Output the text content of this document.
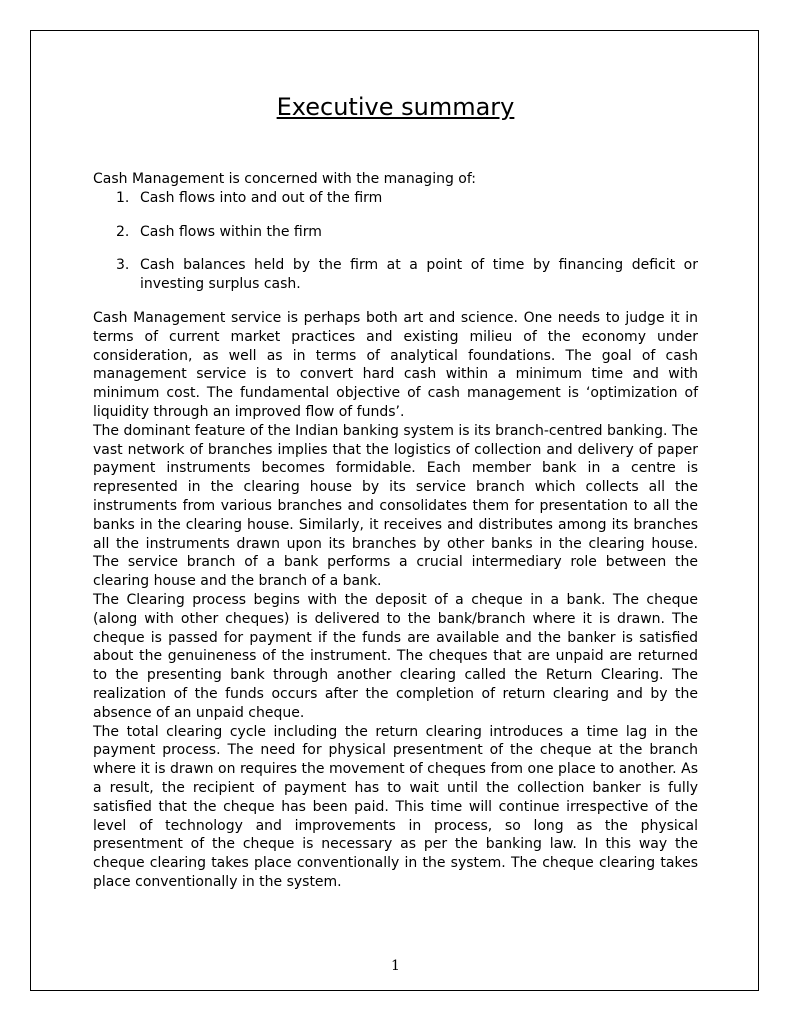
Executive summary

Cash Management is concerned with the managing of:

1. Cash flows into and out of the firm
2. Cash flows within the firm
3. Cash balances held by the firm at a point of time by financing deficit or investing surplus cash.

Cash Management service is perhaps both art and science. One needs to judge it in terms of current market practices and existing milieu of the economy under consideration, as well as in terms of analytical foundations. The goal of cash management service is to convert hard cash within a minimum time and with minimum cost. The fundamental objective of cash management is ‘optimization of liquidity through an improved flow of funds’.

The dominant feature of the Indian banking system is its branch-centred banking. The vast network of branches implies that the logistics of collection and delivery of paper payment instruments becomes formidable. Each member bank in a centre is represented in the clearing house by its service branch which collects all the instruments from various branches and consolidates them for presentation to all the banks in the clearing house. Similarly, it receives and distributes among its branches all the instruments drawn upon its branches by other banks in the clearing house. The service branch of a bank performs a crucial intermediary role between the clearing house and the branch of a bank.

The Clearing process begins with the deposit of a cheque in a bank. The cheque (along with other cheques) is delivered to the bank/branch where it is drawn. The cheque is passed for payment if the funds are available and the banker is satisfied about the genuineness of the instrument. The cheques that are unpaid are returned to the presenting bank through another clearing called the Return Clearing. The realization of the funds occurs after the completion of return clearing and by the absence of an unpaid cheque.

The total clearing cycle including the return clearing introduces a time lag in the payment process. The need for physical presentment of the cheque at the branch where it is drawn on requires the movement of cheques from one place to another. As a result, the recipient of payment has to wait until the collection banker is fully satisfied that the cheque has been paid. This time will continue irrespective of the level of technology and improvements in process, so long as the physical presentment of the cheque is necessary as per the banking law. In this way the cheque clearing takes place conventionally in the system. The cheque clearing takes place conventionally in the system.

1
